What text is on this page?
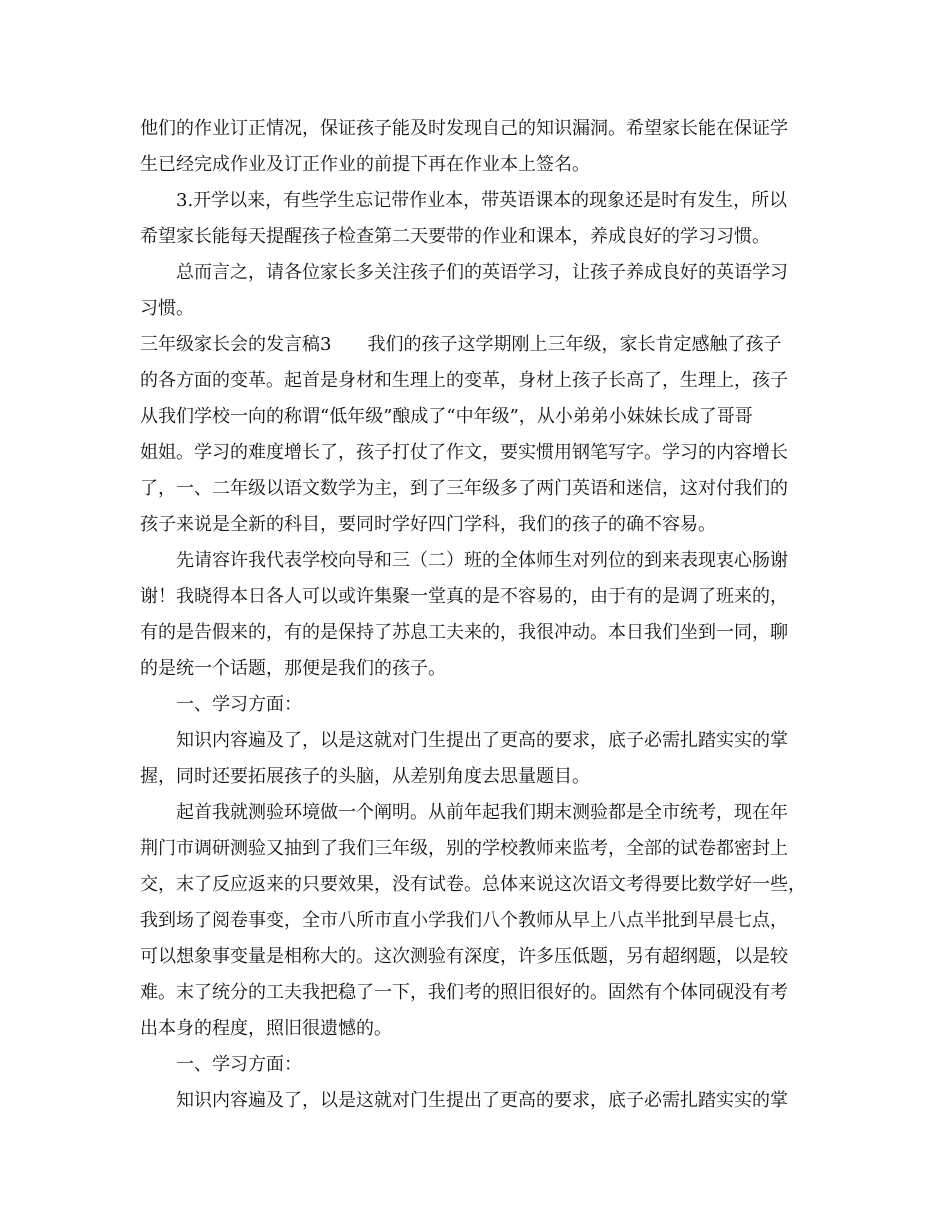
他们的作业订正情况，保证孩子能及时发现自己的知识漏洞。希望家长能在保证学
生已经完成作业及订正作业的前提下再在作业本上签名。
3.开学以来，有些学生忘记带作业本，带英语课本的现象还是时有发生，所以
希望家长能每天提醒孩子检查第二天要带的作业和课本，养成良好的学习习惯。
总而言之，请各位家长多关注孩子们的英语学习，让孩子养成良好的英语学习
习惯。
三年级家长会的发言稿3　　我们的孩子这学期刚上三年级，家长肯定感触了孩子
的各方面的变革。起首是身材和生理上的变革，身材上孩子长高了，生理上，孩子
从我们学校一向的称谓“低年级”酿成了“中年级”，从小弟弟小妹妹长成了哥哥
姐姐。学习的难度增长了，孩子打仗了作文，要实惯用钢笔写字。学习的内容增长
了，一、二年级以语文数学为主，到了三年级多了两门英语和迷信，这对付我们的
孩子来说是全新的科目，要同时学好四门学科，我们的孩子的确不容易。
先请容许我代表学校向导和三（二）班的全体师生对列位的到来表现衷心肠谢
谢！我晓得本日各人可以或许集聚一堂真的是不容易的，由于有的是调了班来的，
有的是告假来的，有的是保持了苏息工夫来的，我很冲动。本日我们坐到一同，聊
的是统一个话题，那便是我们的孩子。
一、学习方面：
知识内容遍及了，以是这就对门生提出了更高的要求，底子必需扎踏实实的掌
握，同时还要拓展孩子的头脑，从差别角度去思量题目。
起首我就测验环境做一个阐明。从前年起我们期末测验都是全市统考，现在年
荆门市调研测验又抽到了我们三年级，别的学校教师来监考，全部的试卷都密封上
交，末了反应返来的只要效果，没有试卷。总体来说这次语文考得要比数学好一些，
我到场了阅卷事变，全市八所市直小学我们八个教师从早上八点半批到早晨七点，
可以想象事变量是相称大的。这次测验有深度，许多压低题，另有超纲题，以是较
难。末了统分的工夫我把稳了一下，我们考的照旧很好的。固然有个体同砚没有考
出本身的程度，照旧很遗憾的。
一、学习方面：
知识内容遍及了，以是这就对门生提出了更高的要求，底子必需扎踏实实的掌
